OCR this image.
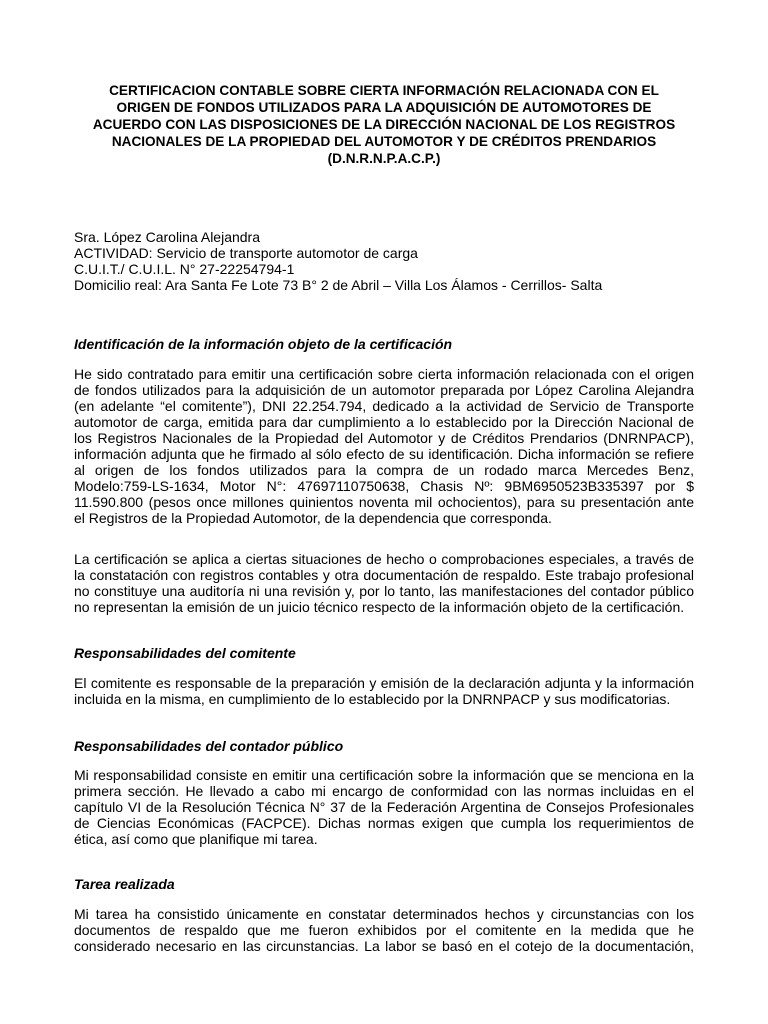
CERTIFICACION CONTABLE SOBRE CIERTA INFORMACIÓN RELACIONADA CON EL
ORIGEN DE FONDOS UTILIZADOS PARA LA ADQUISICIÓN DE AUTOMOTORES DE
ACUERDO CON LAS DISPOSICIONES DE LA DIRECCIÓN NACIONAL DE LOS REGISTROS
NACIONALES DE LA PROPIEDAD DEL AUTOMOTOR Y DE CRÉDITOS PRENDARIOS
(D.N.R.N.P.A.C.P.)
Sra. López Carolina Alejandra
ACTIVIDAD: Servicio de transporte automotor de carga
C.U.I.T./ C.U.I.L. N° 27-22254794-1
Domicilio real: Ara Santa Fe Lote 73 B° 2 de Abril – Villa Los Álamos - Cerrillos- Salta
Identificación de la información objeto de la certificación

He sido contratado para emitir una certificación sobre cierta información relacionada con el origen
de fondos utilizados para la adquisición de un automotor preparada por López Carolina Alejandra
(en adelante “el comitente”), DNI 22.254.794, dedicado a la actividad de Servicio de Transporte
automotor de carga, emitida para dar cumplimiento a lo establecido por la Dirección Nacional de
los Registros Nacionales de la Propiedad del Automotor y de Créditos Prendarios (DNRNPACP),
información adjunta que he firmado al sólo efecto de su identificación. Dicha información se refiere
al origen de los fondos utilizados para la compra de un rodado marca Mercedes Benz,
Modelo:759-LS-1634, Motor N°: 47697110750638, Chasis Nº: 9BM6950523B335397 por $
11.590.800 (pesos once millones quinientos noventa mil ochocientos), para su presentación ante
el Registros de la Propiedad Automotor, de la dependencia que corresponda.

La certificación se aplica a ciertas situaciones de hecho o comprobaciones especiales, a través de
la constatación con registros contables y otra documentación de respaldo. Este trabajo profesional
no constituye una auditoría ni una revisión y, por lo tanto, las manifestaciones del contador público
no representan la emisión de un juicio técnico respecto de la información objeto de la certificación.

Responsabilidades del comitente

El comitente es responsable de la preparación y emisión de la declaración adjunta y la información
incluida en la misma, en cumplimiento de lo establecido por la DNRNPACP y sus modificatorias.

Responsabilidades del contador público

Mi responsabilidad consiste en emitir una certificación sobre la información que se menciona en la
primera sección. He llevado a cabo mi encargo de conformidad con las normas incluidas en el
capítulo VI de la Resolución Técnica N° 37 de la Federación Argentina de Consejos Profesionales
de Ciencias Económicas (FACPCE). Dichas normas exigen que cumpla los requerimientos de
ética, así como que planifique mi tarea.

Tarea realizada

Mi tarea ha consistido únicamente en constatar determinados hechos y circunstancias con los
documentos de respaldo que me fueron exhibidos por el comitente en la medida que he
considerado necesario en las circunstancias. La labor se basó en el cotejo de la documentación,
